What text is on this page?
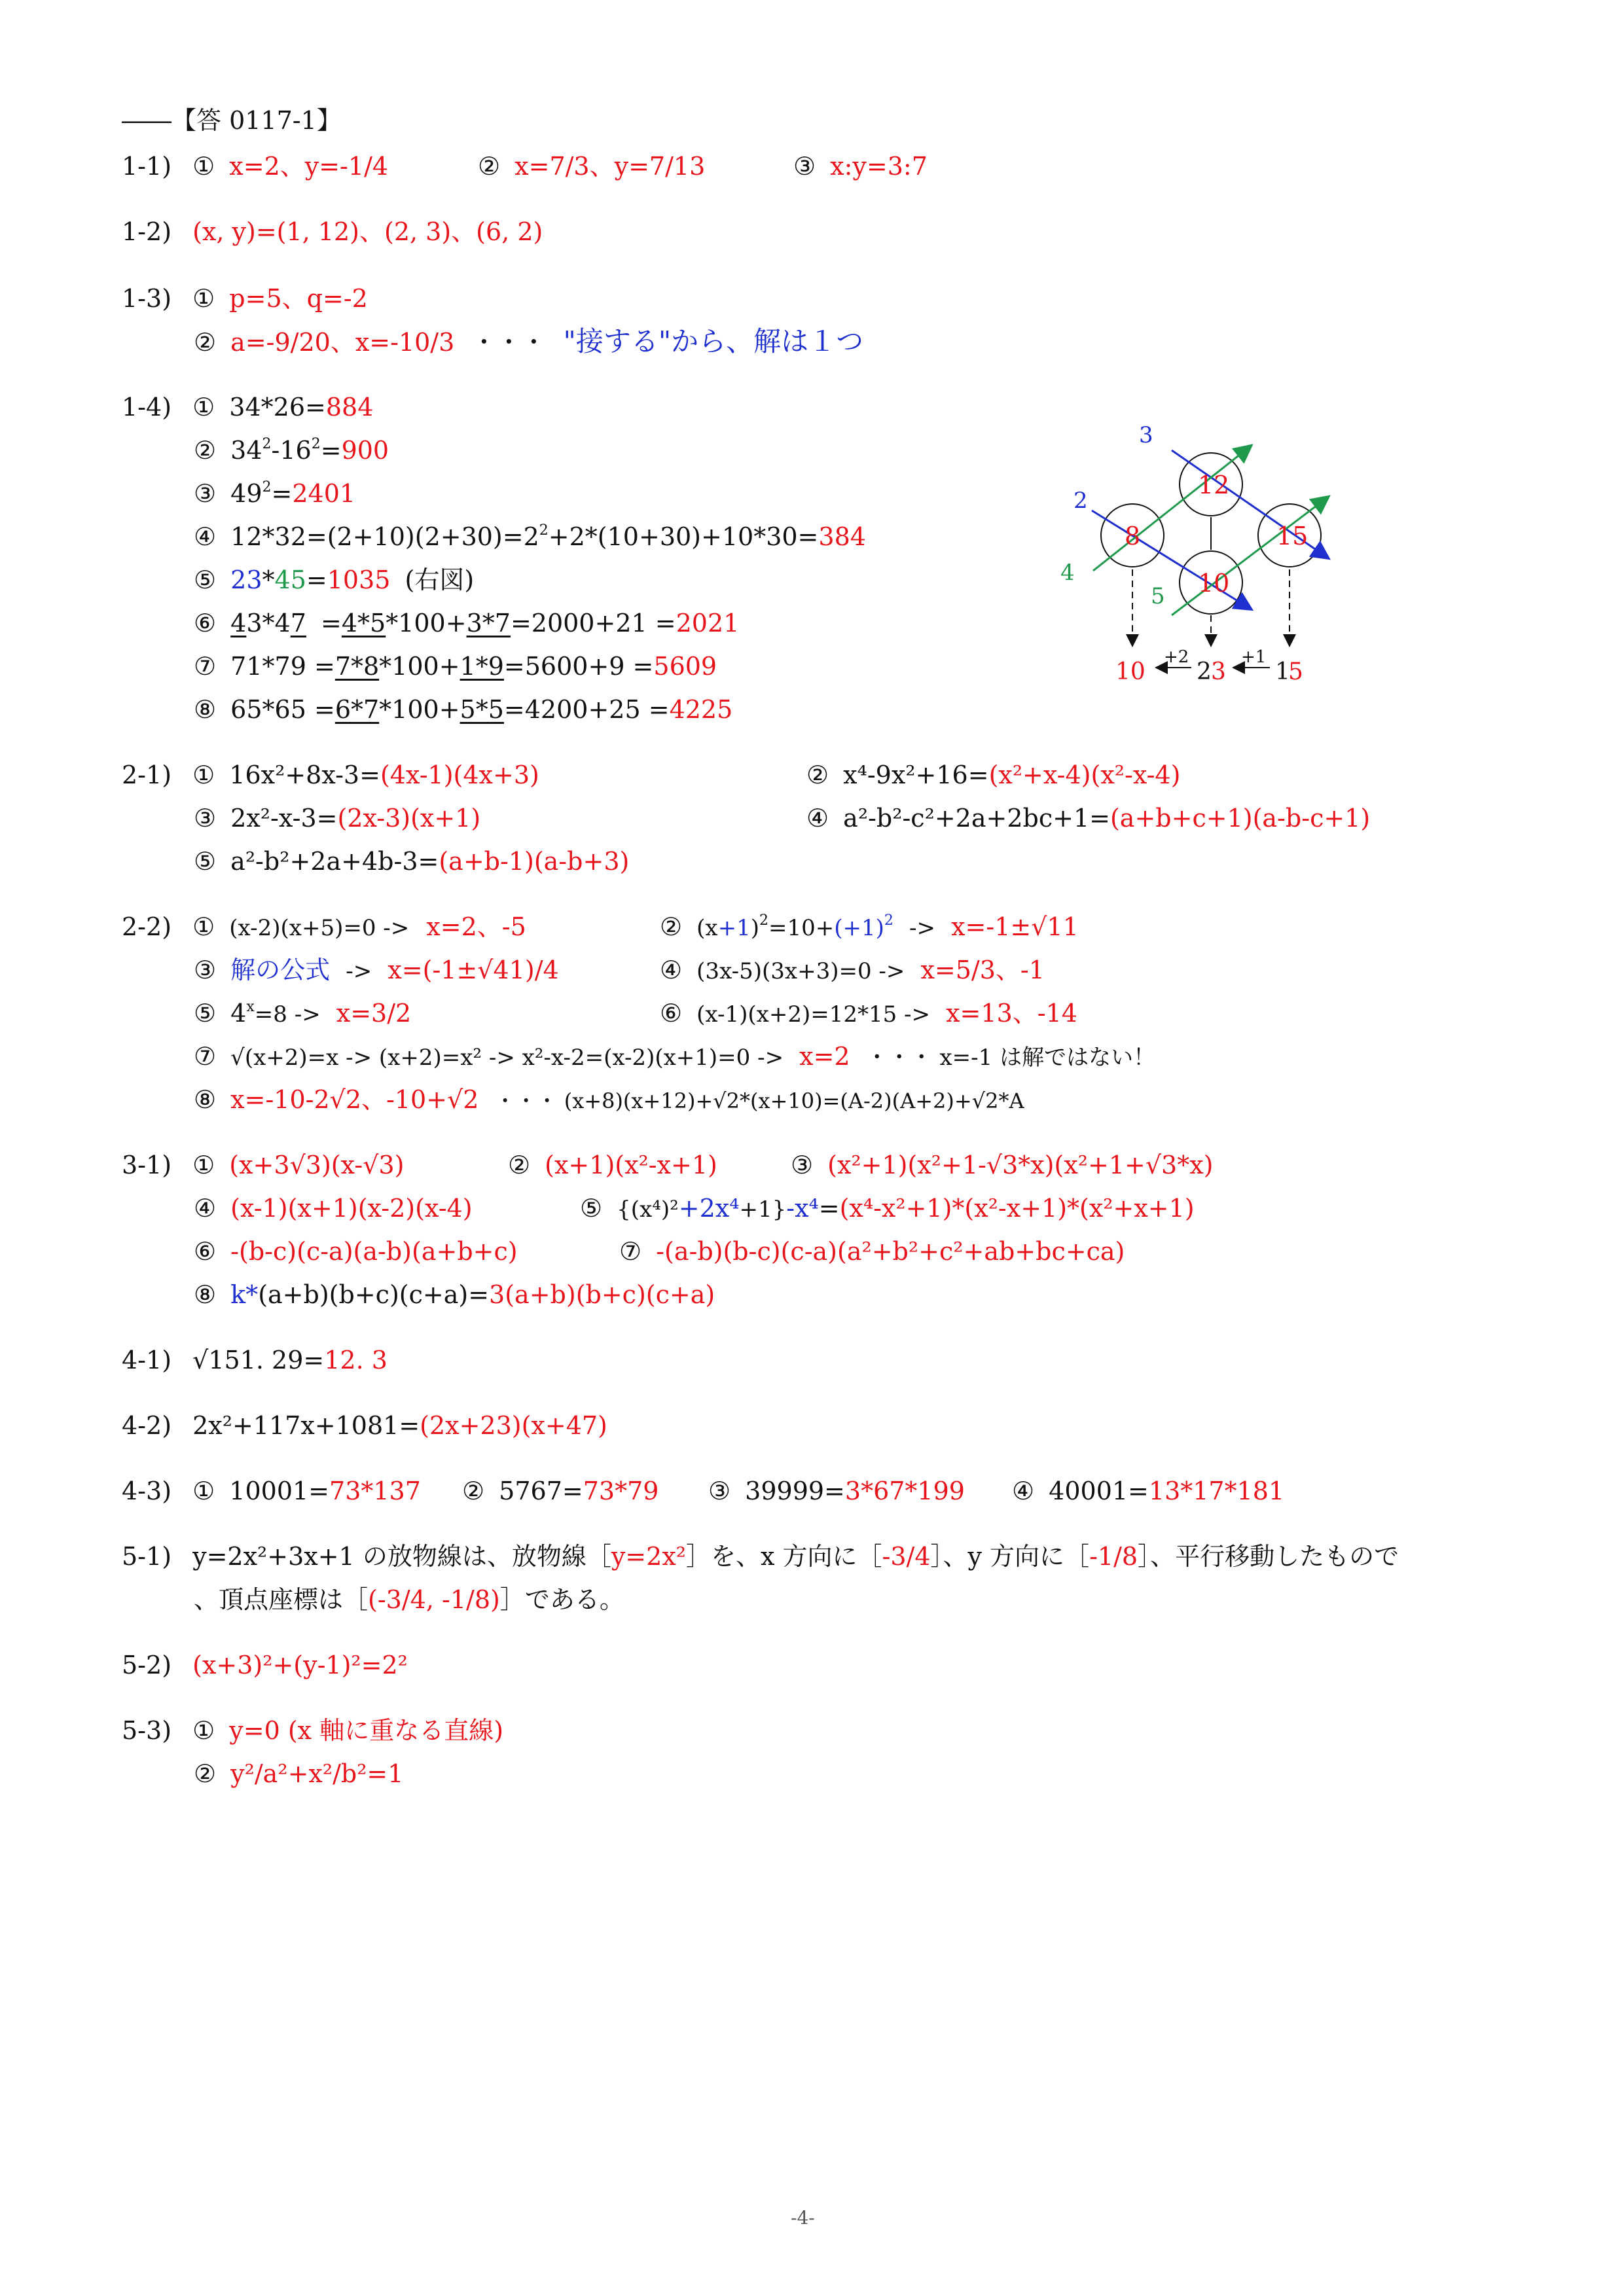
――【答 0117-1】
1-1) ① x=2、y=-1/4	② x=7/3、y=7/13	③ x:y=3:7
1-2) (x, y)=(1, 12)、(2, 3)、(6, 2)
1-3) ① p=5、q=-2
② a=-9/20、x=-10/3 ・・・ "接する"から、解は１つ
1-4) ① 34*26=884
② $34^2-16^2=900$
③ $49^2=2401$
④ $12*32=(2+10)(2+30)=2^2+2*(10+30)+10*30=384$
⑤ 23*45=1035 (右図)
⑥ 43*47 =4*5*100+3*7=2000+21 =2021
⑦ 71*79 =7*8*100+1*9=5600+9 =5609
⑧ 65*65 =6*7*100+5*5=4200+25 =4225
12
8
10
15
3
2
4
5
10 2 3 1
5
+2	+1
2-1) ① 16x²+8x-3=(4x-1)(4x+3)	② x⁴-9x²+16=(x²+x-4)(x²-x-4)
③ 2x²-x-3=(2x-3)(x+1)	④ a²-b²-c²+2a+2bc+1=(a+b+c+1)(a-b-c+1)
⑤ a²-b²+2a+4b-3=(a+b-1)(a-b+3)
2-2) ① (x-2)(x+5)=0 -> x=2、-5	② $(x+1)^2=10+(+1)^2 -> x=-1\pm√11$
③ 解の公式 -> x=(-1±√41)/4	④ (3x-5)(3x+3)=0 -> x=5/3、-1
⑤ $4^x=8 -> x=3/2$	⑥ (x-1)(x+2)=12*15 -> x=13、-14
⑦ √(x+2)=x -> (x+2)=x² -> x²-x-2=(x-2)(x+1)=0 -> x=2 ・・・ x=-1 は解ではない！
⑧ x=-10-2√2、-10+√2 ・・・ (x+8)(x+12)+√2*(x+10)=(A-2)(A+2)+√2*A
3-1) ① (x+3√3)(x-√3)	② (x+1)(x²-x+1)	③ (x²+1)(x²+1-√3*x)(x²+1+√3*x)
④ (x-1)(x+1)(x-2)(x-4)	⑤ {(x⁴)²+2x⁴+1}-x⁴=(x⁴-x²+1)*(x²-x+1)*(x²+x+1)
⑥ -(b-c)(c-a)(a-b)(a+b+c)	⑦ -(a-b)(b-c)(c-a)(a²+b²+c²+ab+bc+ca)
⑧ k*(a+b)(b+c)(c+a)=3(a+b)(b+c)(c+a)
4-1) √151. 29=12. 3
4-2) 2x²+117x+1081=(2x+23)(x+47)
4-3) ① 10001=73*137 ② 5767=73*79 ③ 39999=3*67*199 ④ 40001=13*17*181
5-1) y=2x²+3x+1 の放物線は、放物線［y=2x²］を、x 方向に［-3/4］、y 方向に［-1/8］、平行移動したもので
、頂点座標は［(-3/4, -1/8)］である。
5-2) (x+3)²+(y-1)²=2²
5-3) ① y=0 (x 軸に重なる直線)
② y²/a²+x²/b²=1
-4-
